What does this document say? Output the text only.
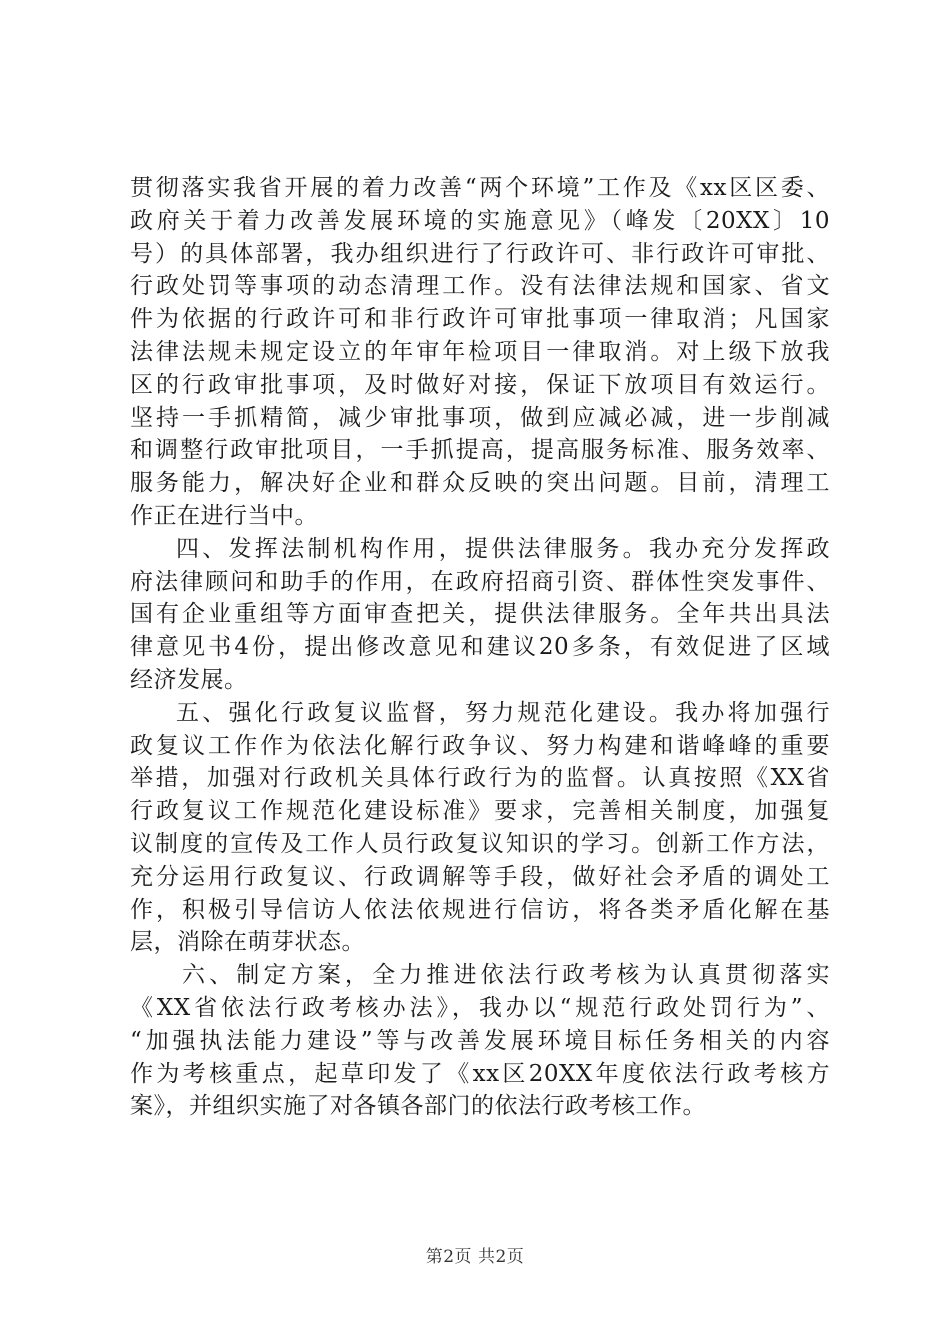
贯彻落实我省开展的着力改善“两个环境”工作及《xx区区委、
政府关于着力改善发展环境的实施意见》（峰发〔20XX〕10
号）的具体部署，我办组织进行了行政许可、非行政许可审批、
行政处罚等事项的动态清理工作。没有法律法规和国家、省文
件为依据的行政许可和非行政许可审批事项一律取消；凡国家
法律法规未规定设立的年审年检项目一律取消。对上级下放我
区的行政审批事项，及时做好对接，保证下放项目有效运行。
坚持一手抓精简，减少审批事项，做到应减必减，进一步削减
和调整行政审批项目，一手抓提高，提高服务标准、服务效率、
服务能力，解决好企业和群众反映的突出问题。目前，清理工
作正在进行当中。
四、发挥法制机构作用，提供法律服务。我办充分发挥政
府法律顾问和助手的作用，在政府招商引资、群体性突发事件、
国有企业重组等方面审查把关，提供法律服务。全年共出具法
律意见书4份，提出修改意见和建议20多条，有效促进了区域
经济发展。
五、强化行政复议监督，努力规范化建设。我办将加强行
政复议工作作为依法化解行政争议、努力构建和谐峰峰的重要
举措，加强对行政机关具体行政行为的监督。认真按照《XX省
行政复议工作规范化建设标准》要求，完善相关制度，加强复
议制度的宣传及工作人员行政复议知识的学习。创新工作方法，
充分运用行政复议、行政调解等手段，做好社会矛盾的调处工
作，积极引导信访人依法依规进行信访，将各类矛盾化解在基
层，消除在萌芽状态。
六、制定方案，全力推进依法行政考核为认真贯彻落实
《XX省依法行政考核办法》，我办以“规范行政处罚行为”、
“加强执法能力建设”等与改善发展环境目标任务相关的内容
作为考核重点，起草印发了《xx区20XX年度依法行政考核方
案》，并组织实施了对各镇各部门的依法行政考核工作。
第2页 共2页
